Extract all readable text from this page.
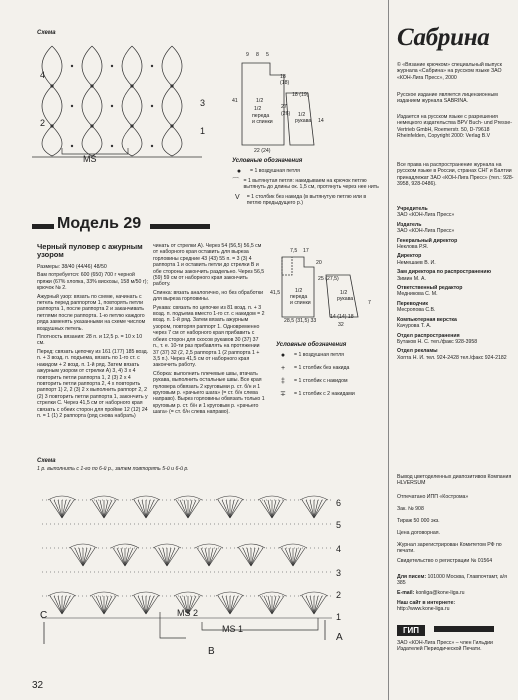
Схема
4
3
2
1
MS
9 8 5
1/2
18
(18)
41
1/2
переда
и спинки
27
(26)
18 (19)
14
1/2
рукава
22 (24)
Условные обозначения
●	= 1 воздушная петля
⌒ = 1 вытянутая петля: накидываем на крючок петлю вытянуть до длины ок. 1,5 см, протянуть через нее нить
V	= 1 столбик без накида (в вытянутую петлю или в петлю предыдущего р.)
Модель 29
Черный пуловер с ажурным
узором

Размеры: 38/40 (44/46) 48/50

Вам потребуется: 600 (650) 700 г черной пряжи (67% хлопка, 33% вискозы, 158 м/50 г); крючок № 2.

Ажурный узор: вязать по схеме, начинать с петель перед раппортом 1, повторять петли раппорта 1, после раппорта 2 и заканчивать петлями после раппорта. 1-ю петлю каждого ряда заменять указанными на схеме числом воздушных петель.

Плотность вязания: 28 п. и 12,5 р. = 10 x 10 см.

Перед: связать цепочку из 161 (177) 185 возд. п. + 3 возд. п. подъема, вязать по 1-го ст. с накидом + 2 возд. п. 1-й ряд. Затем вязать ажурным узором от стрелки А) 3, 4) 3 x 4 повторить петли раппорта 1, 2 (3) 2 x 4 повторить петли раппорта 2, 4 x повторить раппорт 1) 2, 2 (3) 2 x выполнить раппорт 2, 2 (2) 3 повторить петли раппорта 1, закончить у стрелки С. Через 41,5 см от наборного края связать с обеих сторон для пройме 12 (12) 24 п. = 1 (1) 2 раппорта (ряд снова набрать)

чинать от стрелки А). Через 54 (56,5) 56,5 см от наборного края оставить для выреза горловины средние 43 (43) 55 п. = 3 (3) 4 раппорта 1 и оставить петли до стрелки В и обе стороны закончить раздельно. Через 56,5 (59) 59 см от наборного края закончить работу.

Спинка: вязать аналогично, но без обработки для выреза горловины.

Рукава: связать по цепочке из 81 возд. п. + 3 возд. п. подъема вместо 1-го ст. с накидом = 2 возд. п. 1-й ряд. Затем вязать ажурным узором, повторяя раппорт 1. Одновременно через 7 см от наборного края прибавить с обеих сторон для скосов рукавов 30 (37) 37 п., т. е. 10-ти раз прибавлять на протяжении 37 (37) 32 (2, 2,5 раппорта 1 (2 раппорта 1 + 3,5 п.). Через 41,5 см от наборного края закончить работу.

Сборка: выполнить плечевые швы, втачать рукава, выполнить остальные швы. Все края пуловера обвязать 2 круговыми р. ст. б/н и 1 круговым р. «рачьего шага» (= ст. б/н слева направо). Вырез горловины обвязать только 1 круговым р. ст. б/н и 1 круговым р. «рачьего шага» (= ст. б/н слева направо).

7,5 17
20
1/2
переда
и спинки
25 (27,5)
41,5	1/2
рукава
7
28,5 (31,5) 33
14 (14) 18
32
Условные обозначения
●	= 1 воздушная петля
+	= 1 столбик без накида
‡	= 1 столбик с накидом
∓	= 1 столбик с 2 накидами
Схема
1 р. выполнить с 1-го по 6-й р., затем повторять 5-й и 6-й р.
6
5
4
3
2
1
С
А
MS 2
MS 1
В
32
Сабрина
© «Вязание крючком» специальный выпуск журнала «Сабрина» на русском языке ЗАО «КОН-Лига Пресс», 2000
Русское издание является лицензионным изданием журнала SABRINA.
Издается на русском языке с разрешения немецкого издательства BPV Buch- und Presse-Vertrieb GmbH, Roemerstr. 50, D-79618 Rheinfelden, Copyright 2000: Verlag B.V
Все права на распространение журнала на русском языке в России, странах СНГ и Балтии принадлежат ЗАО «КОН-Лига Пресс» (тел.: 928-3958, 928-0486).
Учредитель
ЗАО «КОН-Лига Пресс»
Издатель
ЗАО «КОН-Лига Пресс»
Генеральный директор
Неклова Р.Я.
Директор
Немешаев В. И.
Зам директора по распространению
Зимин М. А.
Ответственный редактор
Медникова С. М.
Переводчик
Месропова С.В.
Компьютерная верстка
Качурова Т. А.
Отдел распространения
Бутаков Н. С. тел./факс 928-3958
Отдел рекламы
Хопта Н. И. тел. 924-2428 тел./факс 924-2182
Вывод цветоделенных диапозитивов Компания HLVERSUM
Отпечатано ИПП «Кострома»
Зак. № 908
Тираж 50 000 экз.
Цена договорная.
Журнал зарегистрирован Комитетом РФ по печати.
Свидетельство о регистрации № 01564
Для писем: 101000 Москва, Главпочтамт, а/я 385
E-mail: konliga@kone-liga.ru
Наш сайт в интернете:
http://www.kone-liga.ru
ГИП
ЗАО «КОН-Лига Пресс» – член Гильдии Издателей Периодической Печати.
